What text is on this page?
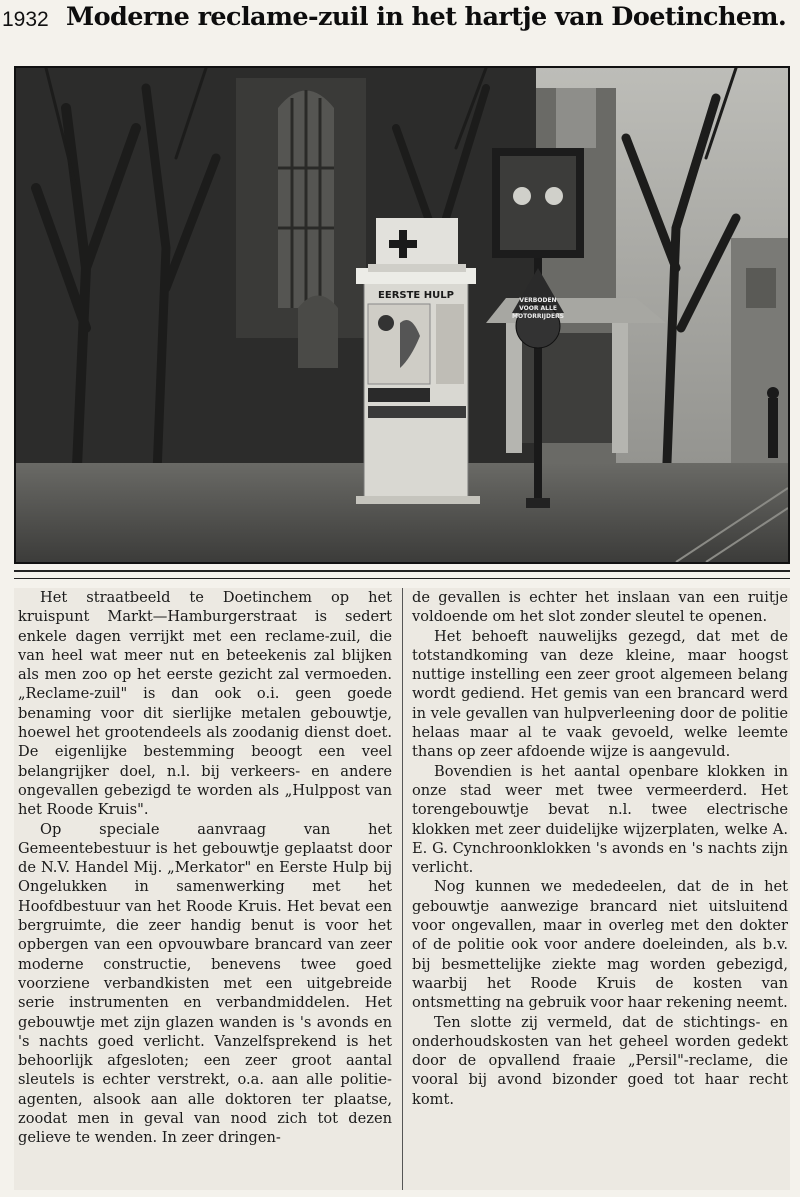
1932 Moderne reclame-zuil in het hartje van Doetinchem.
EERSTE HULP	VERBODEN
VOOR ALLE
MOTORRIJDERS

Het straatbeeld te Doetinchem op het kruispunt Markt—Hamburgerstraat is sedert enkele dagen verrijkt met een reclame-zuil, die van heel wat meer nut en beteekenis zal blijken als men zoo op het eerste gezicht zal vermoeden. „Reclame-zuil" is dan ook o.i. geen goede benaming voor dit sierlijke metalen gebouwtje, hoewel het grootendeels als zoodanig dienst doet. De eigenlijke bestemming beoogt een veel belangrijker doel, n.l. bij verkeers- en andere ongevallen gebezigd te worden als „Hulppost van het Roode Kruis".

Op speciale aanvraag van het Gemeentebestuur is het gebouwtje geplaatst door de N.V. Handel Mij. „Merkator" en Eerste Hulp bij Ongelukken in samenwerking met het Hoofdbestuur van het Roode Kruis. Het bevat een bergruimte, die zeer handig benut is voor het opbergen van een opvouwbare brancard van zeer moderne constructie, benevens twee goed voorziene verbandkisten met een uitgebreide serie instrumenten en verbandmiddelen. Het gebouwtje met zijn glazen wanden is 's avonds en 's nachts goed verlicht. Vanzelfsprekend is het behoorlijk afgesloten; een zeer groot aantal sleutels is echter verstrekt, o.a. aan alle politie-agenten, alsook aan alle doktoren ter plaatse, zoodat men in geval van nood zich tot dezen gelieve te wenden. In zeer dringen-

de gevallen is echter het inslaan van een ruitje voldoende om het slot zonder sleutel te openen.

Het behoeft nauwelijks gezegd, dat met de totstandkoming van deze kleine, maar hoogst nuttige instelling een zeer groot algemeen belang wordt gediend. Het gemis van een brancard werd in vele gevallen van hulpverleening door de politie helaas maar al te vaak gevoeld, welke leemte thans op zeer afdoende wijze is aangevuld.

Bovendien is het aantal openbare klokken in onze stad weer met twee vermeerderd. Het torengebouwtje bevat n.l. twee electrische klokken met zeer duidelijke wijzerplaten, welke A. E. G. Cynchroonklokken 's avonds en 's nachts zijn verlicht.

Nog kunnen we mededeelen, dat de in het gebouwtje aanwezige brancard niet uitsluitend voor ongevallen, maar in overleg met den dokter of de politie ook voor andere doeleinden, als b.v. bij besmettelijke ziekte mag worden gebezigd, waarbij het Roode Kruis de kosten van ontsmetting na gebruik voor haar rekening neemt.

Ten slotte zij vermeld, dat de stichtings- en onderhoudskosten van het geheel worden gedekt door de opvallend fraaie „Persil"-reclame, die vooral bij avond bizonder goed tot haar recht komt.
